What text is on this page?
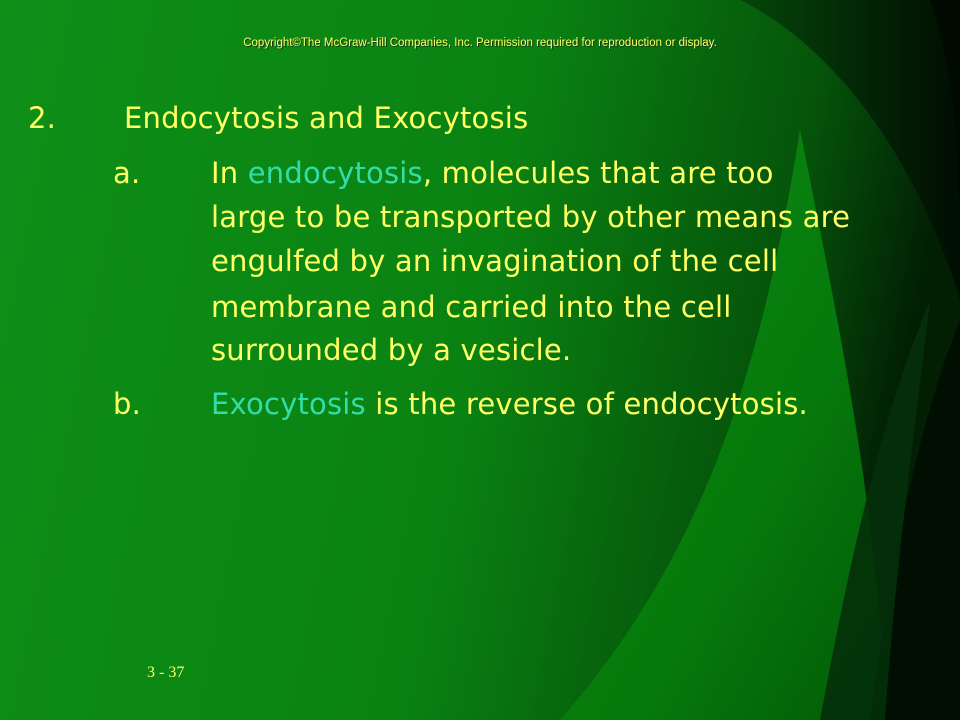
Copyright©The McGraw-Hill Companies, Inc. Permission required for reproduction or display.
2. Endocytosis and Exocytosis
a. In endocytosis, molecules that are too
large to be transported by other means are
engulfed by an invagination of the cell
membrane and carried into the cell
surrounded by a vesicle.
b. Exocytosis is the reverse of endocytosis.
3 - 37
